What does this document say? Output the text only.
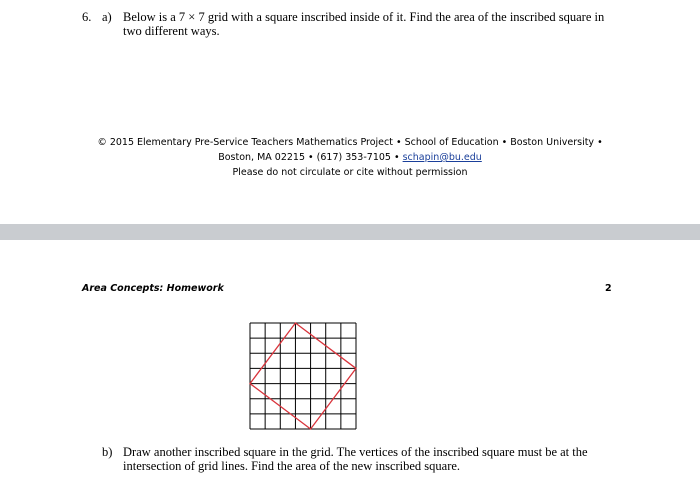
6. a) Below is a 7 × 7 grid with a square inscribed inside of it. Find the area of the inscribed square in
two different ways.
© 2015 Elementary Pre-Service Teachers Mathematics Project • School of Education • Boston University •
Boston, MA 02215 • (617) 353-7105 • schapin@bu.edu
Please do not circulate or cite without permission
Area Concepts: Homework	2
b) Draw another inscribed square in the grid. The vertices of the inscribed square must be at the
intersection of grid lines. Find the area of the new inscribed square.
